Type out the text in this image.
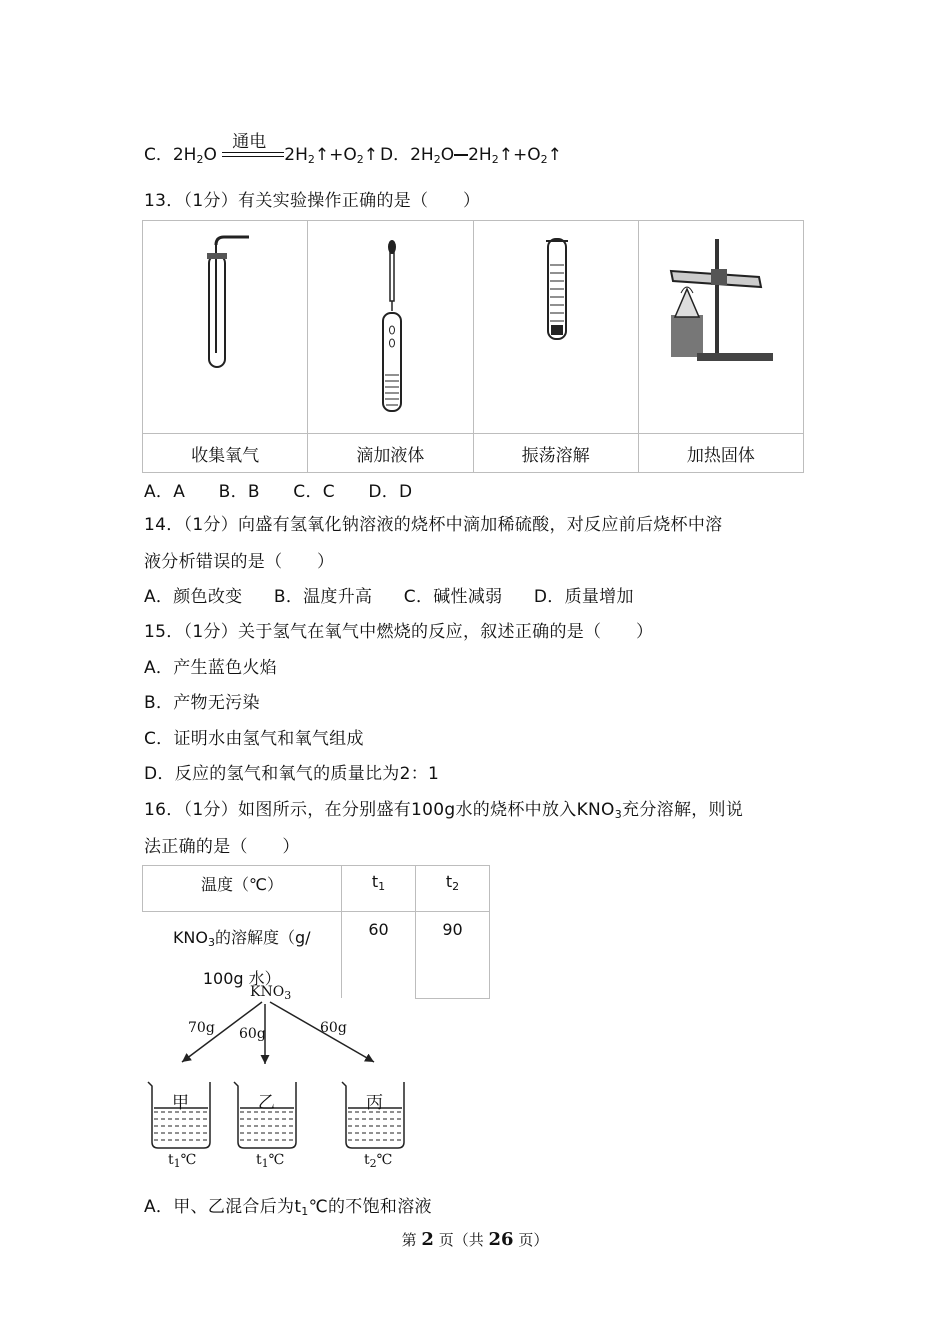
C．$2H_2O$
通电
$2H_2↑+O_2↑$ D．$2H_2O$ $2H_2↑+O_2↑$
13．（1分）有关实验操作正确的是（　　）

收集氧气	滴加液体	振荡溶解	加热固体
A．A B．B C．C D．D
14．（1分）向盛有氢氧化钠溶液的烧杯中滴加稀硫酸，对反应前后烧杯中溶
液分析错误的是（　　）
A．颜色改变 B．温度升高 C．碱性减弱 D．质量增加
15．（1分）关于氢气在氧气中燃烧的反应，叙述正确的是（　　）
A．产生蓝色火焰
B．产物无污染
C．证明水由氢气和氧气组成
D．反应的氢气和氧气的质量比为2：1
16．（1分）如图所示，在分别盛有100g水的烧杯中放入$KNO_3$充分溶解，则说
法正确的是（　　）
温度（℃）	$t_1$	$t_2$
$KNO_3$的溶解度（g/
100g 水）	60	90
$KNO_3$
70g 60g	60g
甲	乙	丙
$t_1℃$	$t_1℃$	$t_2℃$
A．甲、乙混合后为$t_1℃$的不饱和溶液
第 2 页（共 26 页）
